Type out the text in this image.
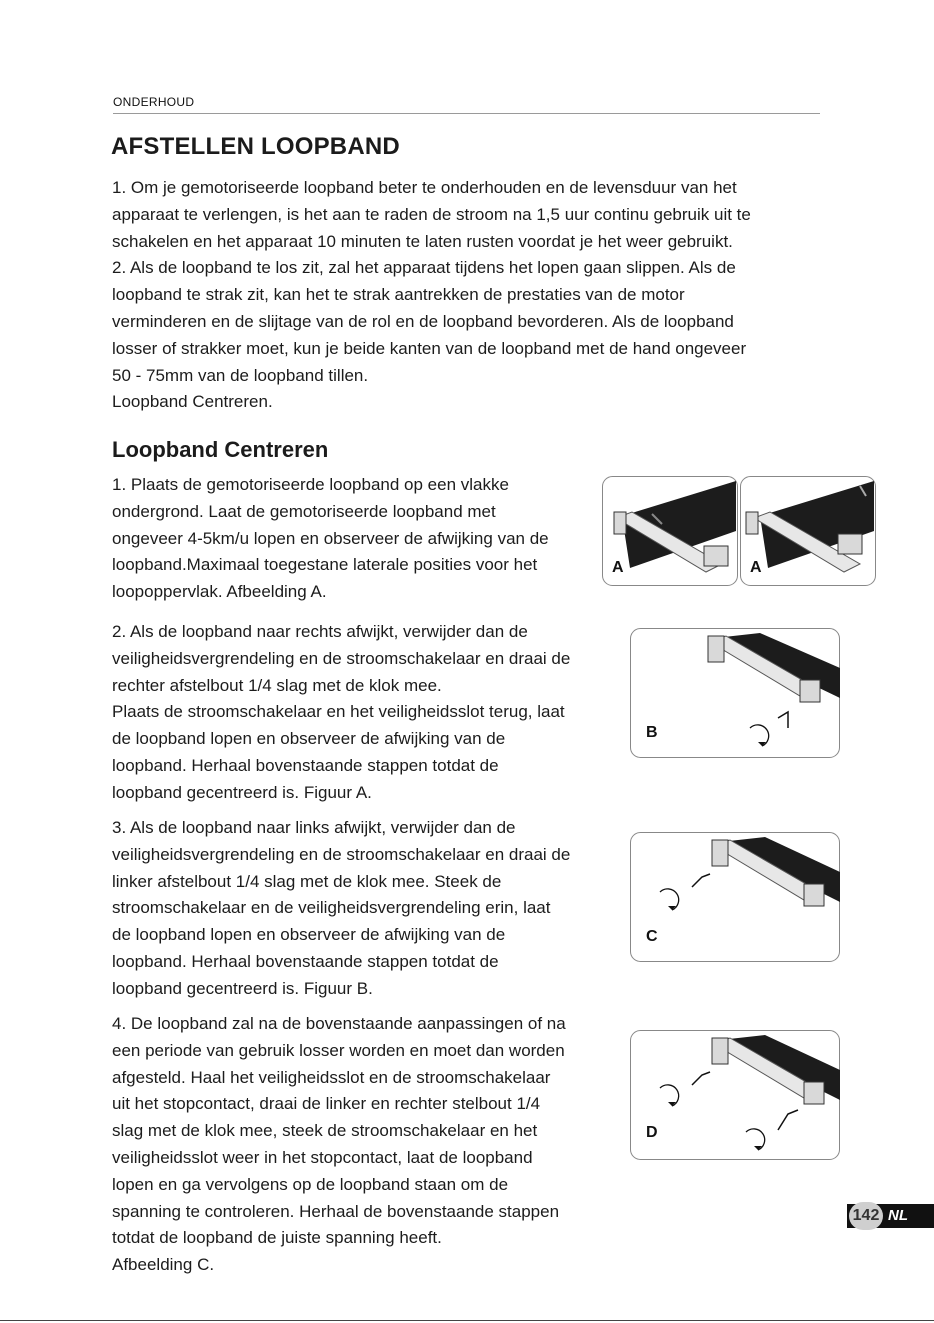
ONDERHOUD
AFSTELLEN LOOPBAND

1. Om je gemotoriseerde loopband beter te onderhouden en de levensduur van het

apparaat te verlengen, is het aan te raden de stroom na 1,5 uur continu gebruik uit te

schakelen en het apparaat 10 minuten te laten rusten voordat je het weer gebruikt.

2. Als de loopband te los zit, zal het apparaat tijdens het lopen gaan slippen. Als de

loopband te strak zit, kan het te strak aantrekken de prestaties van de motor

verminderen en de slijtage van de rol en de loopband bevorderen. Als de loopband

losser of strakker moet, kun je beide kanten van de loopband met de hand ongeveer

50 - 75mm van de loopband tillen.

Loopband Centreren.

Loopband Centreren

1. Plaats de gemotoriseerde loopband op een vlakke

ondergrond. Laat de gemotoriseerde loopband met

ongeveer 4-5km/u lopen en observeer de afwijking van de

loopband.Maximaal toegestane laterale posities voor het

loopoppervlak. Afbeelding A.

2. Als de loopband naar rechts afwijkt, verwijder dan de

veiligheidsvergrendeling en de stroomschakelaar en draai de

rechter afstelbout 1/4 slag met de klok mee.

Plaats de stroomschakelaar en het veiligheidsslot terug, laat

de loopband lopen en observeer de afwijking van de

loopband. Herhaal bovenstaande stappen totdat de

loopband gecentreerd is. Figuur A.

3. Als de loopband naar links afwijkt, verwijder dan de

veiligheidsvergrendeling en de stroomschakelaar en draai de

linker afstelbout 1/4 slag met de klok mee. Steek de

stroomschakelaar en de veiligheidsvergrendeling erin, laat

de loopband lopen en observeer de afwijking van de

loopband. Herhaal bovenstaande stappen totdat de

loopband gecentreerd is. Figuur B.

4. De loopband zal na de bovenstaande aanpassingen of na

een periode van gebruik losser worden en moet dan worden

afgesteld. Haal het veiligheidsslot en de stroomschakelaar

uit het stopcontact, draai de linker en rechter stelbout 1/4

slag met de klok mee, steek de stroomschakelaar en het

veiligheidsslot weer in het stopcontact, laat de loopband

lopen en ga vervolgens op de loopband staan om de

spanning te controleren. Herhaal de bovenstaande stappen

totdat de loopband de juiste spanning heeft.

Afbeelding C.

A	A
B
C
D
142 NL
